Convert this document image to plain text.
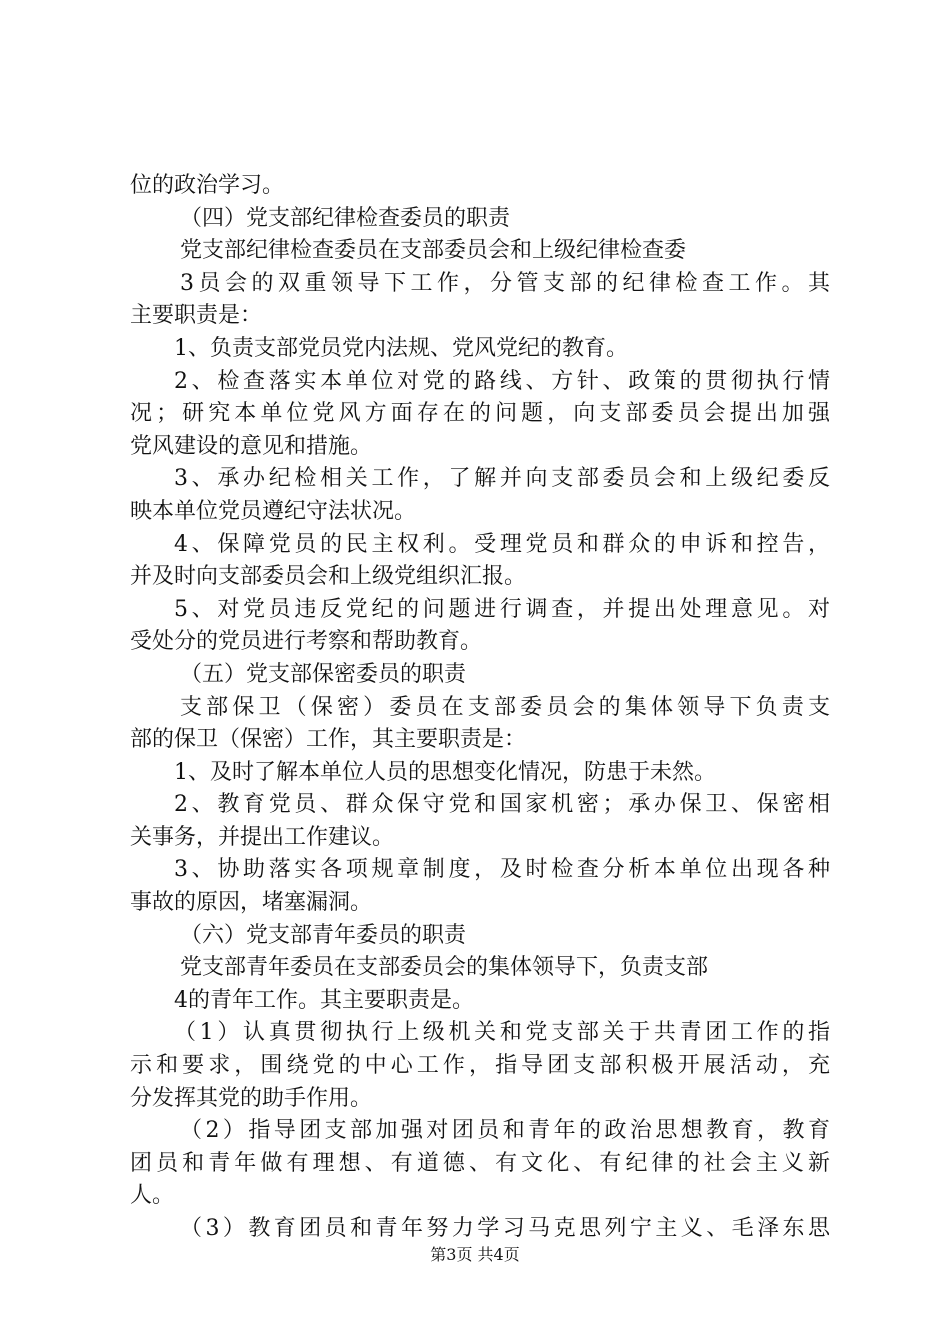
位的政治学习。
（四）党支部纪律检查委员的职责
党支部纪律检查委员在支部委员会和上级纪律检查委
3员会的双重领导下工作，分管支部的纪律检查工作。其
主要职责是：
1、负责支部党员党内法规、党风党纪的教育。
2、检查落实本单位对党的路线、方针、政策的贯彻执行情
况；研究本单位党风方面存在的问题，向支部委员会提出加强
党风建设的意见和措施。
3、承办纪检相关工作，了解并向支部委员会和上级纪委反
映本单位党员遵纪守法状况。
4、保障党员的民主权利。受理党员和群众的申诉和控告，
并及时向支部委员会和上级党组织汇报。
5、对党员违反党纪的问题进行调查，并提出处理意见。对
受处分的党员进行考察和帮助教育。
（五）党支部保密委员的职责
支部保卫（保密）委员在支部委员会的集体领导下负责支
部的保卫（保密）工作，其主要职责是：
1、及时了解本单位人员的思想变化情况，防患于未然。
2、教育党员、群众保守党和国家机密；承办保卫、保密相
关事务，并提出工作建议。
3、协助落实各项规章制度，及时检查分析本单位出现各种
事故的原因，堵塞漏洞。
（六）党支部青年委员的职责
党支部青年委员在支部委员会的集体领导下，负责支部
4的青年工作。其主要职责是。
（1）认真贯彻执行上级机关和党支部关于共青团工作的指
示和要求，围绕党的中心工作，指导团支部积极开展活动，充
分发挥其党的助手作用。
（2）指导团支部加强对团员和青年的政治思想教育，教育
团员和青年做有理想、有道德、有文化、有纪律的社会主义新
人。
（3）教育团员和青年努力学习马克思列宁主义、毛泽东思
第3页 共4页
